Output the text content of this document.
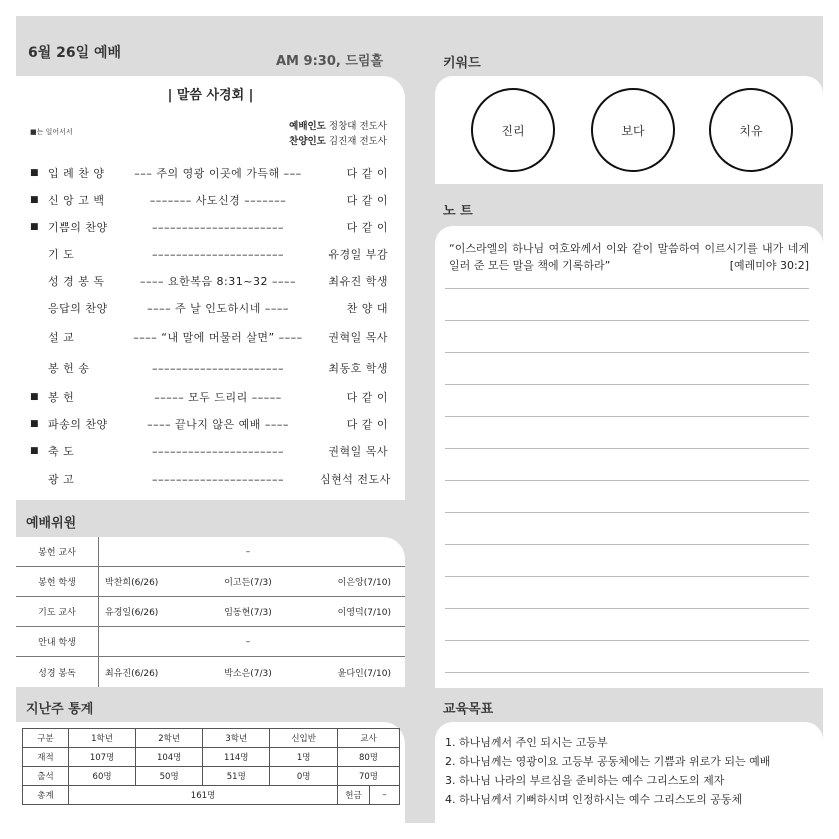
6월 26일 예배
AM 9:30, 드림홀
| 말씀 사경회 |
■는 일어서서	예배인도 정창대 전도사
찬양인도 김진재 전도사
■ 입 례 찬 양	––– 주의 영광 이곳에 가득해 –––	다 같 이
■ 신 앙 고 백	––––––– 사도신경 –––––––	다 같 이
■ 기쁨의 찬양	––––––––––––––––––––––	다 같 이
기 도	––––––––––––––––––––––	유경일 부감
성 경 봉 독	–––– 요한복음 8:31~32 ––––	최유진 학생
응답의 찬양	–––– 주 날 인도하시네 ––––	찬 양 대
설 교	–––– “내 말에 머물러 살면” ––––	권혁일 목사
봉 헌 송	––––––––––––––––––––––	최동호 학생
■ 봉 헌	––––– 모두 드리리 –––––	다 같 이
■ 파송의 찬양	–––– 끝나지 않은 예배 ––––	다 같 이
■ 축 도	––––––––––––––––––––––	권혁일 목사
광 고	––––––––––––––––––––––	심현석 전도사
예배위원
봉헌 교사	–
봉헌 학생	박찬희(6/26)	이고든(7/3)	이은앙(7/10)
기도 교사	유경일(6/26)	임동현(7/3)	이영덕(7/10)
안내 학생	–
성경 봉독	최유진(6/26)	박소은(7/3)	윤다인(7/10)
지난주 통계
구분	1학년	2학년	3학년	신입반	교사	
재적	107명	104명	114명	1명	80명	
출석	60명	50명	51명	0명	70명	
총계	161명				헌금	–
키워드
진리	보다	치유
노 트
“이스라엘의 하나님 여호와께서 이와 같이 말씀하여 이르시기를 내가 네게 일러 준 모든 말을 책에 기록하라”	[예레미야 30:2]
교육목표
1. 하나님께서 주인 되시는 고등부
2. 하나님께는 영광이요 고등부 공동체에는 기쁨과 위로가 되는 예배
3. 하나님 나라의 부르심을 준비하는 예수 그리스도의 제자
4. 하나님께서 기뻐하시며 인정하시는 예수 그리스도의 공동체
